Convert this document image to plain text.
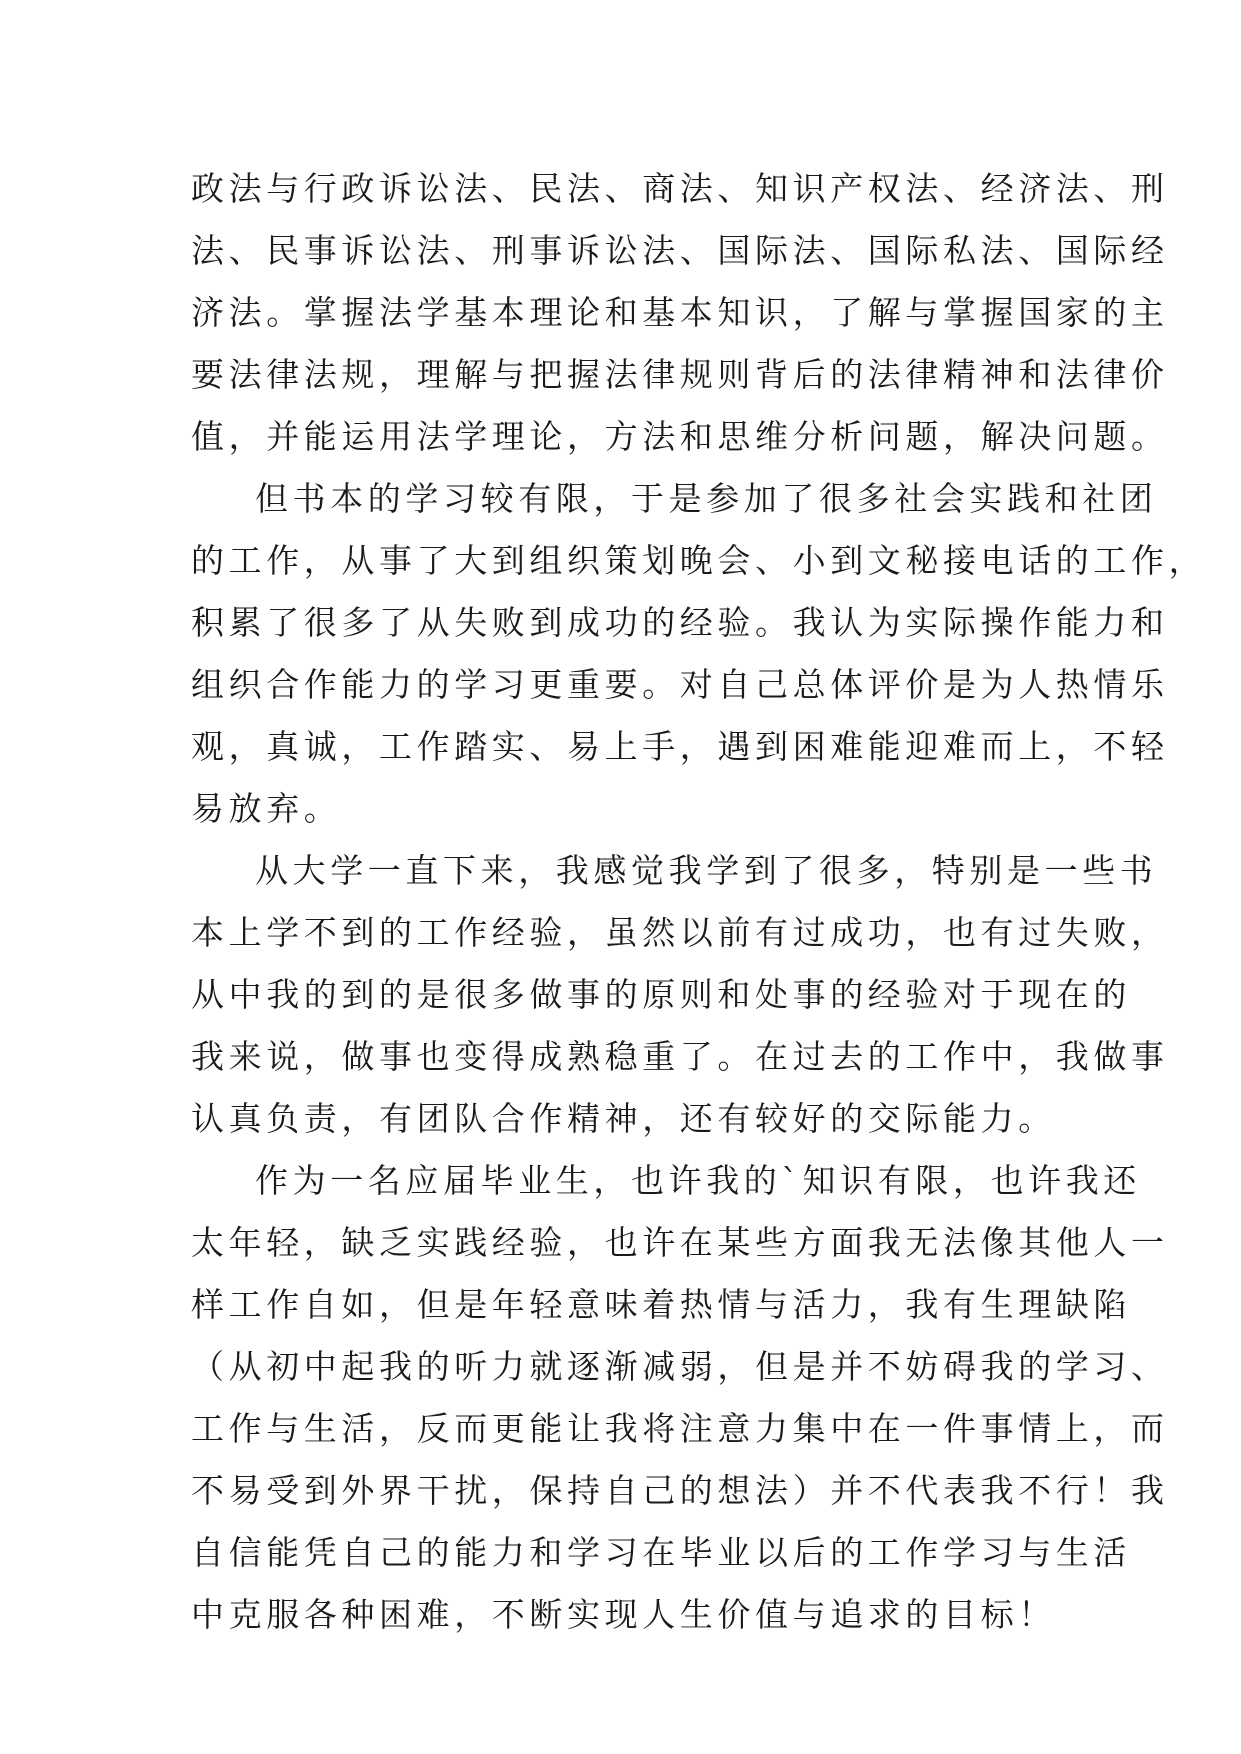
政法与行政诉讼法、民法、商法、知识产权法、经济法、刑
法、民事诉讼法、刑事诉讼法、国际法、国际私法、国际经
济法。掌握法学基本理论和基本知识，了解与掌握国家的主
要法律法规，理解与把握法律规则背后的法律精神和法律价
值，并能运用法学理论，方法和思维分析问题，解决问题。
但书本的学习较有限，于是参加了很多社会实践和社团
的工作，从事了大到组织策划晚会、小到文秘接电话的工作，
积累了很多了从失败到成功的经验。我认为实际操作能力和
组织合作能力的学习更重要。对自己总体评价是为人热情乐
观，真诚，工作踏实、易上手，遇到困难能迎难而上，不轻
易放弃。
从大学一直下来，我感觉我学到了很多，特别是一些书
本上学不到的工作经验，虽然以前有过成功，也有过失败，
从中我的到的是很多做事的原则和处事的经验对于现在的
我来说，做事也变得成熟稳重了。在过去的工作中，我做事
认真负责，有团队合作精神，还有较好的交际能力。
作为一名应届毕业生，也许我的`知识有限，也许我还
太年轻，缺乏实践经验，也许在某些方面我无法像其他人一
样工作自如，但是年轻意味着热情与活力，我有生理缺陷
（从初中起我的听力就逐渐减弱，但是并不妨碍我的学习、
工作与生活，反而更能让我将注意力集中在一件事情上，而
不易受到外界干扰，保持自己的想法）并不代表我不行！我
自信能凭自己的能力和学习在毕业以后的工作学习与生活
中克服各种困难，不断实现人生价值与追求的目标！
